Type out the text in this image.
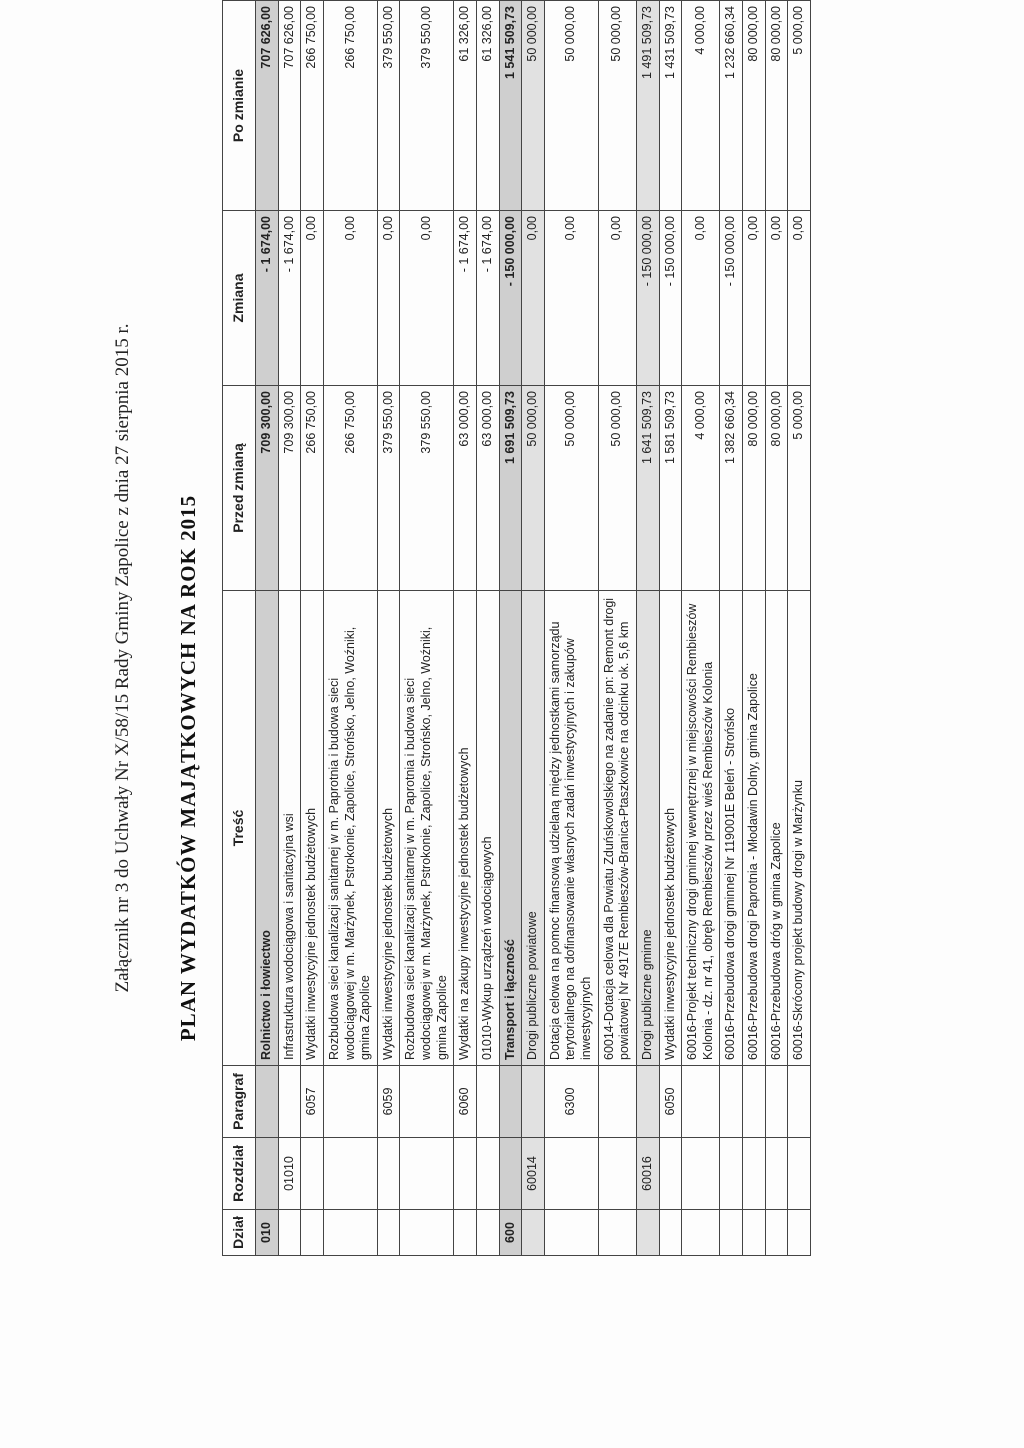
Załącznik nr 3 do Uchwały Nr X/58/15 Rady Gminy Zapolice z dnia 27 sierpnia 2015 r. PLAN WYDATKÓW MAJĄTKOWYCH NA ROK 2015
Dział	Rozdział	Paragraf	Treść	Przed zmianą	Zmiana	Po zmianie
010			Rolnictwo i łowiectwo	709 300,00	- 1 674,00	707 626,00
	01010		Infrastruktura wodociągowa i sanitacyjna wsi	709 300,00	- 1 674,00	707 626,00
		6057	Wydatki inwestycyjne jednostek budżetowych	266 750,00	0,00	266 750,00
			Rozbudowa sieci kanalizacji sanitarnej w m. Paprotnia i budowa sieci wodociągowej w m. Marżynek, Pstrokonie, Zapolice, Strońsko, Jelno, Woźniki, gmina Zapolice	266 750,00	0,00	266 750,00
		6059	Wydatki inwestycyjne jednostek budżetowych	379 550,00	0,00	379 550,00
			Rozbudowa sieci kanalizacji sanitarnej w m. Paprotnia i budowa sieci wodociągowej w m. Marżynek, Pstrokonie, Zapolice, Strońsko, Jelno, Woźniki, gmina Zapolice	379 550,00	0,00	379 550,00
		6060	Wydatki na zakupy inwestycyjne jednostek budżetowych	63 000,00	- 1 674,00	61 326,00
			01010-Wykup urządzeń wodociągowych	63 000,00	- 1 674,00	61 326,00
600			Transport i łączność	1 691 509,73	- 150 000,00	1 541 509,73
	60014		Drogi publiczne powiatowe	50 000,00	0,00	50 000,00
		6300	Dotacja celowa na pomoc finansową udzielaną między jednostkami samorządu terytorialnego na dofinansowanie własnych zadań inwestycyjnych i zakupów inwestycyjnych	50 000,00	0,00	50 000,00
			60014-Dotacja celowa dla Powiatu Zduńskowolskiego na zadanie pn: Remont drogi powiatowej Nr 4917E Rembieszów-Branica-Ptaszkowice na odcinku ok. 5,6 km	50 000,00	0,00	50 000,00
	60016		Drogi publiczne gminne	1 641 509,73	- 150 000,00	1 491 509,73
		6050	Wydatki inwestycyjne jednostek budżetowych	1 581 509,73	- 150 000,00	1 431 509,73
			60016-Projekt techniczny drogi gminnej wewnętrznej w miejscowości Rembieszów Kolonia - dz. nr 41, obręb Rembieszów przez wieś Rembieszów Kolonia	4 000,00	0,00	4 000,00
			60016-Przebudowa drogi gminnej Nr 119001E Beleń - Strońsko	1 382 660,34	- 150 000,00	1 232 660,34
			60016-Przebudowa drogi Paprotnia - Młodawin Dolny, gmina Zapolice	80 000,00	0,00	80 000,00
			60016-Przebudowa dróg w gmina Zapolice	80 000,00	0,00	80 000,00
			60016-Skrócony projekt budowy drogi w Marżynku	5 000,00	0,00	5 000,00
